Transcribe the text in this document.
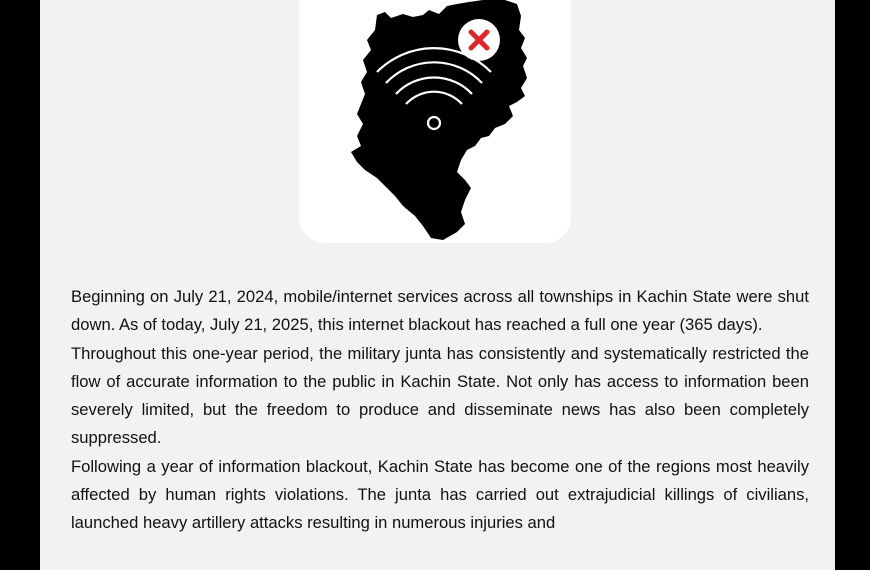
Beginning on July 21, 2024, mobile/internet services across all townships in Kachin State were shut down. As of today, July 21, 2025, this internet blackout has reached a full one year (365 days).

Throughout this one-year period, the military junta has consistently and systematically restricted the flow of accurate information to the public in Kachin State. Not only has access to information been severely limited, but the freedom to produce and disseminate news has also been completely suppressed.

Following a year of information blackout, Kachin State has become one of the regions most heavily affected by human rights violations. The junta has carried out extrajudicial killings of civilians, launched heavy artillery attacks resulting in numerous injuries and
